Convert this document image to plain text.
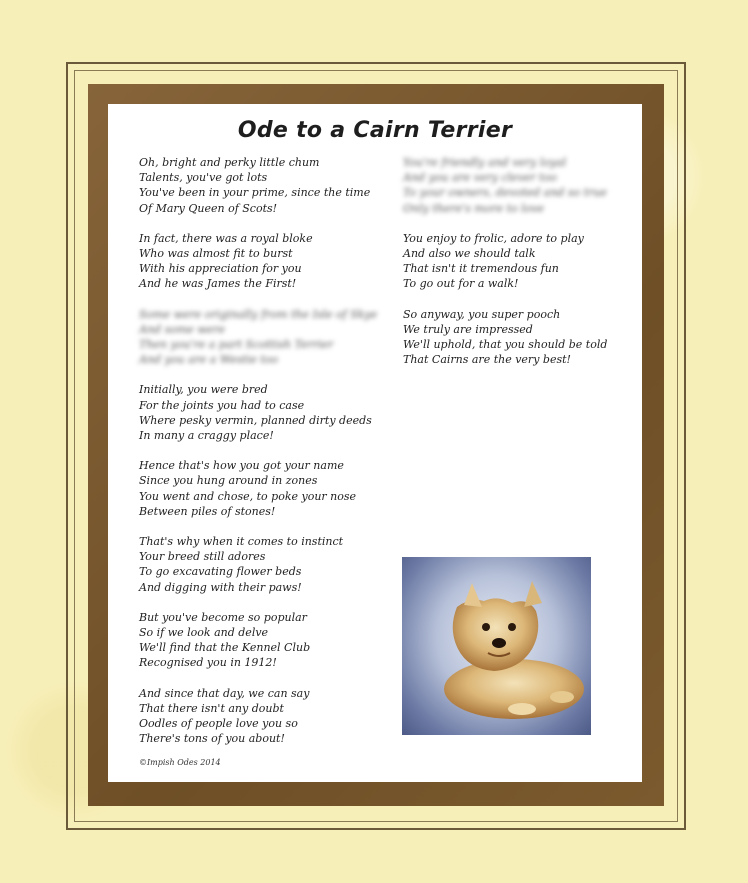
Ode to a Cairn Terrier
Oh, bright and perky little chum
Talents, you've got lots
You've been in your prime, since the time
Of Mary Queen of Scots!
In fact, there was a royal bloke
Who was almost fit to burst
With his appreciation for you
And he was James the First!
Some were originally from the Isle of Skye
And some were
Then you're a part Scottish Terrier
And you are a Westie too
Initially, you were bred
For the joints you had to case
Where pesky vermin, planned dirty deeds
In many a craggy place!
Hence that's how you got your name
Since you hung around in zones
You went and chose, to poke your nose
Between piles of stones!
That's why when it comes to instinct
Your breed still adores
To go excavating flower beds
And digging with their paws!
But you've become so popular
So if we look and delve
We'll find that the Kennel Club
Recognised you in 1912!
And since that day, we can say
That there isn't any doubt
Oodles of people love you so
There's tons of you about!
You're friendly and very loyal
And you are very clever too
To your owners, devoted and so true
Only there's more to love
You enjoy to frolic, adore to play
And also we should talk
That isn't it tremendous fun
To go out for a walk!
So anyway, you super pooch
We truly are impressed
We'll uphold, that you should be told
That Cairns are the very best!
©Impish Odes 2014
